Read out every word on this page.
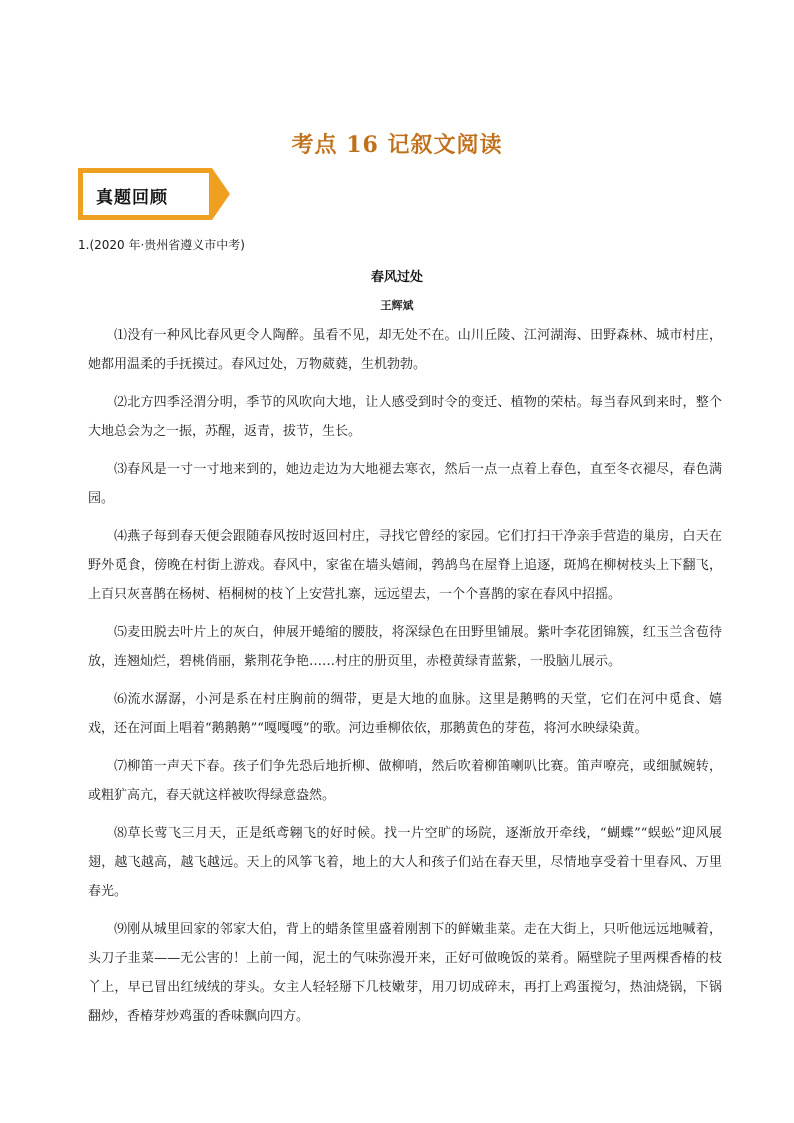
考点 16 记叙文阅读
真题回顾
1.(2020 年·贵州省遵义市中考)
春风过处
王辉斌

⑴没有一种风比春风更令人陶醉。虽看不见，却无处不在。山川丘陵、江河湖海、田野森林、城市村庄，她都用温柔的手抚摸过。春风过处，万物葳蕤，生机勃勃。

⑵北方四季泾渭分明，季节的风吹向大地，让人感受到时令的变迁、植物的荣枯。每当春风到来时，整个大地总会为之一振，苏醒，返青，拔节，生长。

⑶春风是一寸一寸地来到的，她边走边为大地褪去寒衣，然后一点一点着上春色，直至冬衣褪尽，春色满园。

⑷燕子每到春天便会跟随春风按时返回村庄，寻找它曾经的家园。它们打扫干净亲手营造的巢房，白天在野外觅食，傍晚在村街上游戏。春风中，家雀在墙头嬉闹，鹁鸪鸟在屋脊上追逐，斑鸠在柳树枝头上下翻飞，上百只灰喜鹊在杨树、梧桐树的枝丫上安营扎寨，远远望去，一个个喜鹊的家在春风中招摇。

⑸麦田脱去叶片上的灰白，伸展开蜷缩的腰肢，将深绿色在田野里铺展。紫叶李花团锦簇，红玉兰含苞待放，连翘灿烂，碧桃俏丽，紫荆花争艳……村庄的册页里，赤橙黄绿青蓝紫，一股脑儿展示。

⑹流水潺潺，小河是系在村庄胸前的绸带，更是大地的血脉。这里是鹅鸭的天堂，它们在河中觅食、嬉戏，还在河面上唱着“鹅鹅鹅”“嘎嘎嘎”的歌。河边垂柳依依，那鹅黄色的芽苞，将河水映绿染黄。

⑺柳笛一声天下春。孩子们争先恐后地折柳、做柳哨，然后吹着柳笛喇叭比赛。笛声嘹亮，或细腻婉转，或粗犷高亢，春天就这样被吹得绿意盎然。

⑻草长莺飞三月天，正是纸鸢翱飞的好时候。找一片空旷的场院，逐渐放开牵线，“蝴蝶”“蜈蚣”迎风展翅，越飞越高，越飞越远。天上的风筝飞着，地上的大人和孩子们站在春天里，尽情地享受着十里春风、万里春光。

⑼刚从城里回家的邻家大伯，背上的蜡条筐里盛着刚割下的鲜嫩韭菜。走在大街上，只听他远远地喊着，头刀子韭菜——无公害的！上前一闻，泥土的气味弥漫开来，正好可做晚饭的菜肴。隔壁院子里两棵香椿的枝丫上，早已冒出红绒绒的芽头。女主人轻轻掰下几枝嫩芽，用刀切成碎末，再打上鸡蛋搅匀，热油烧锅，下锅翻炒，香椿芽炒鸡蛋的香味飘向四方。
